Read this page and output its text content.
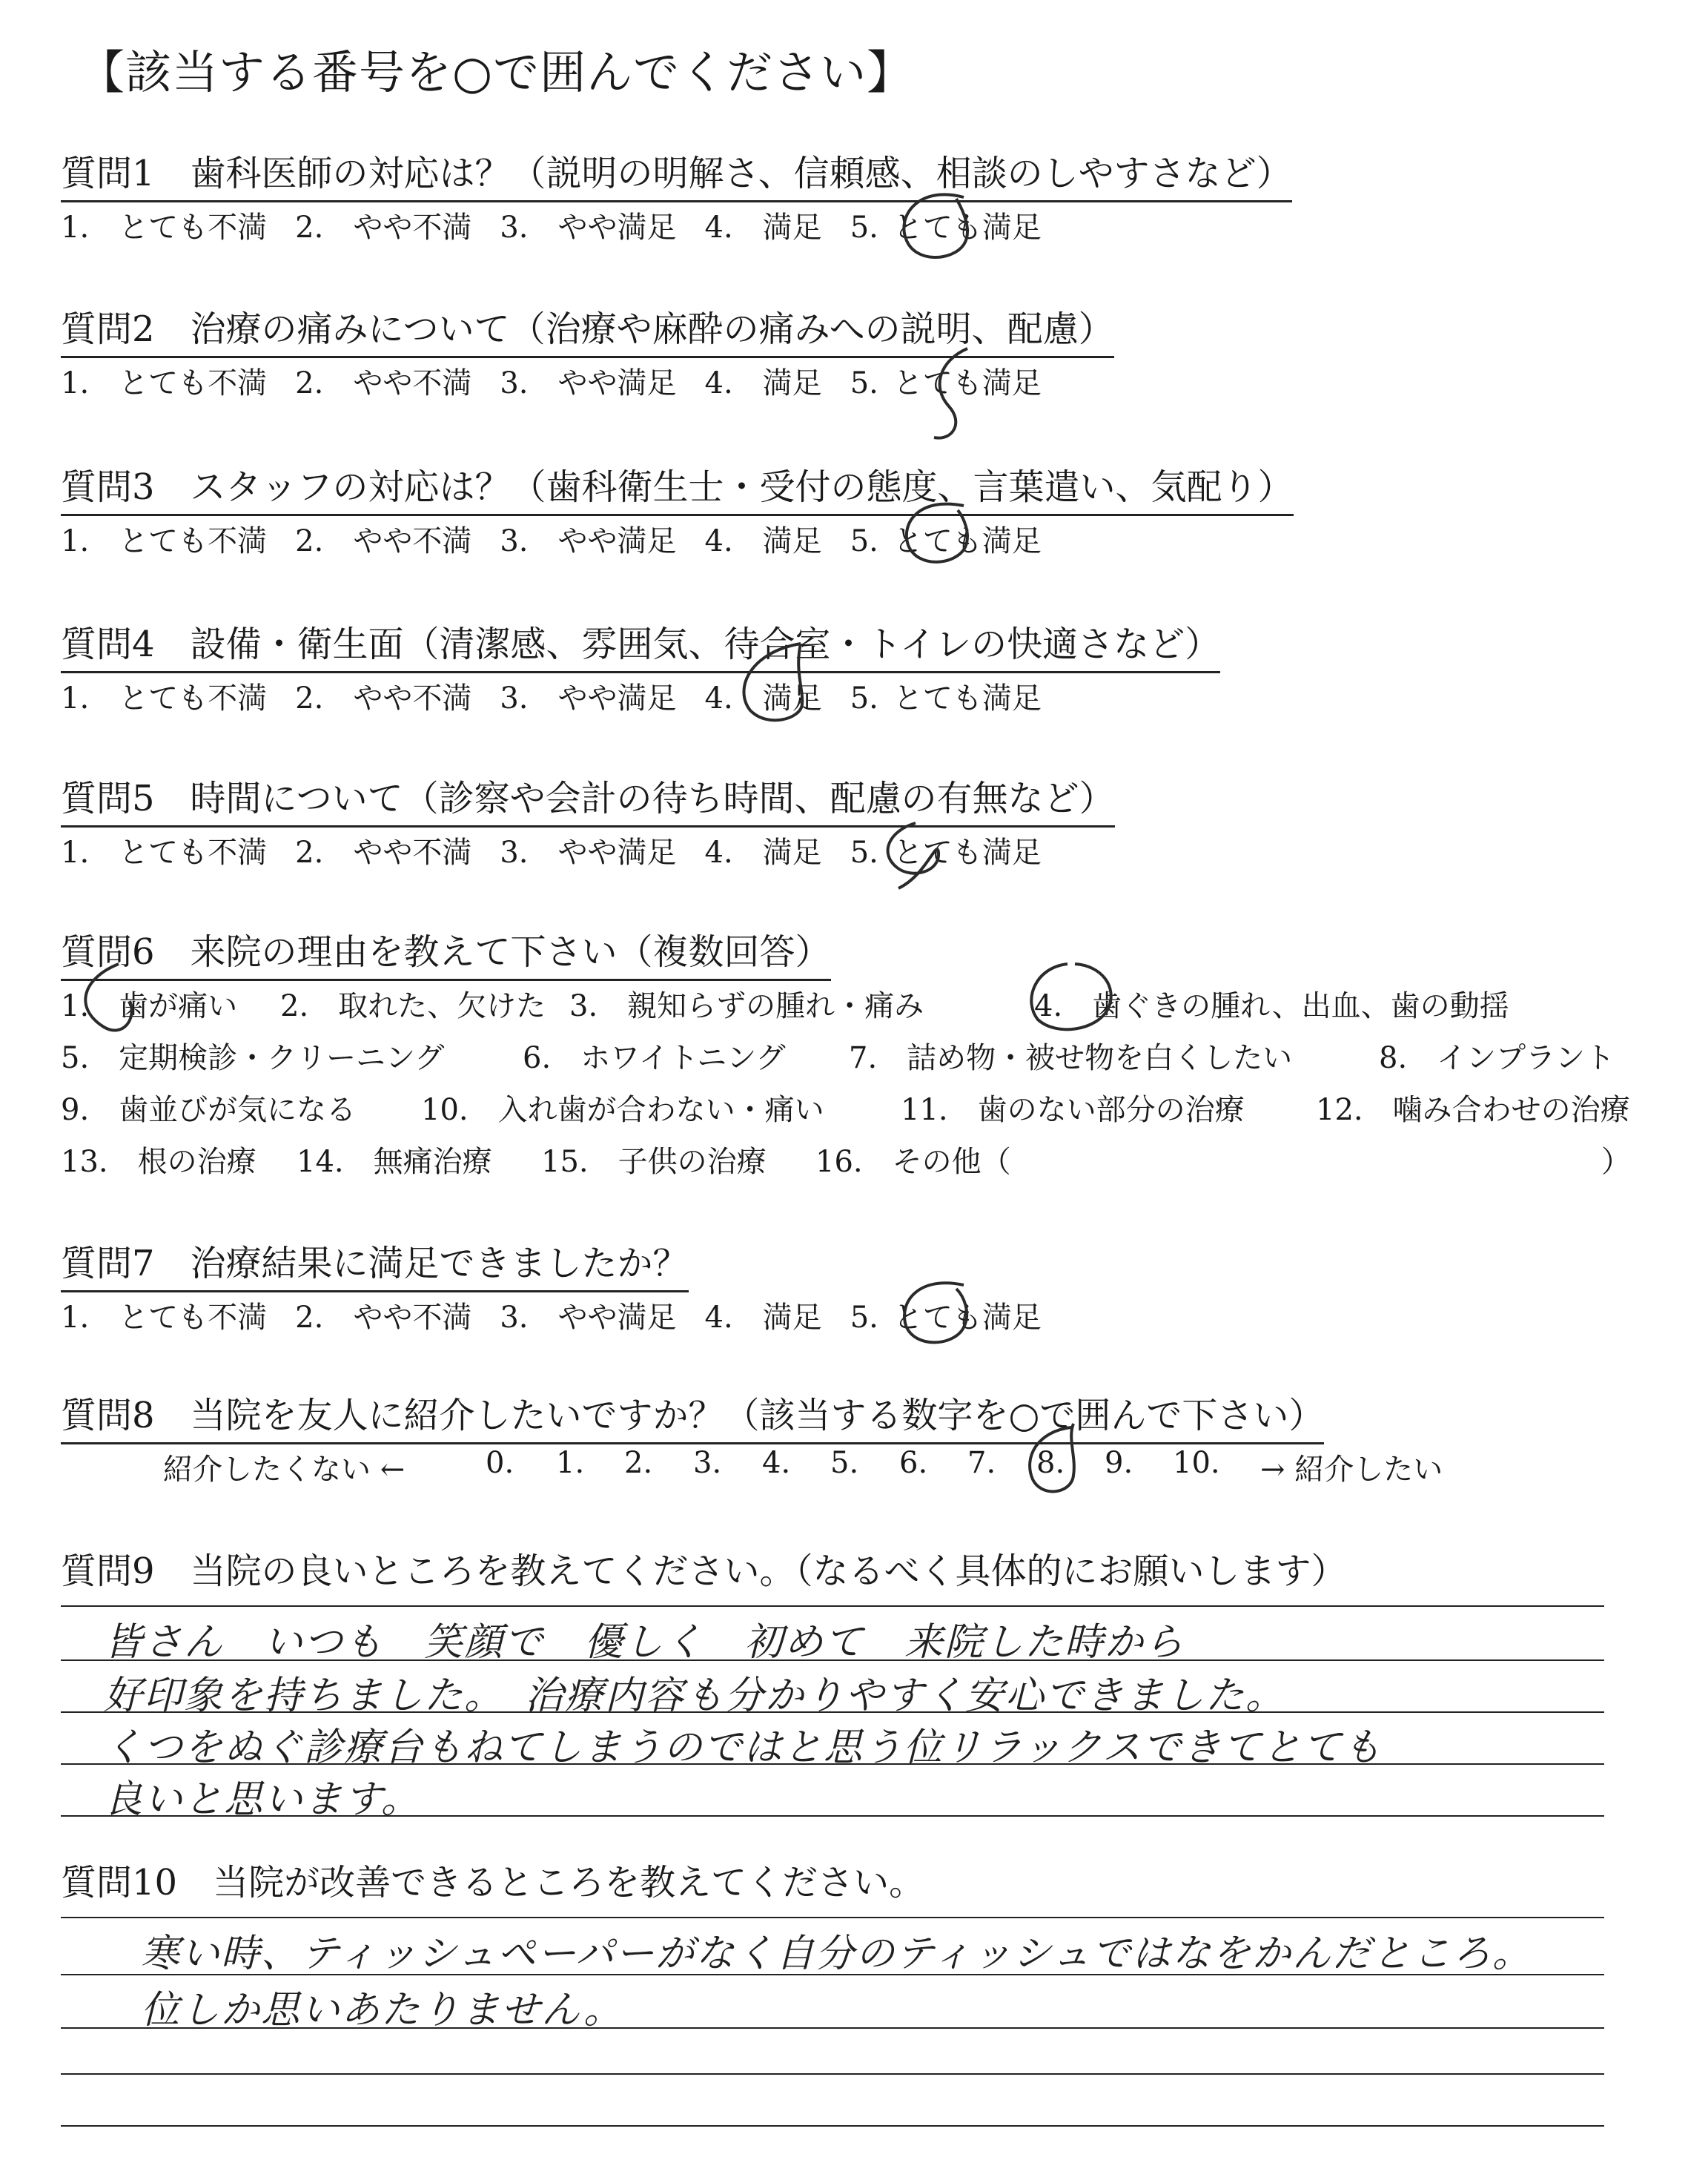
【該当する番号を○で囲んでください】
質問1　歯科医師の対応は？（説明の明解さ、信頼感、相談のしやすさなど）
1.　とても不満 2.　やや不満 3.　やや満足 4.　満足 5. とても満足
質問2　治療の痛みについて（治療や麻酔の痛みへの説明、配慮）
1.　とても不満 2.　やや不満 3.　やや満足 4.　満足 5. とても満足
質問3　スタッフの対応は？（歯科衛生士・受付の態度、言葉遣い、気配り）
1.　とても不満 2.　やや不満 3.　やや満足 4.　満足 5. とても満足
質問4　設備・衛生面（清潔感、雰囲気、待合室・トイレの快適さなど）
1.　とても不満 2.　やや不満 3.　やや満足 4.　満足 5. とても満足
質問5　時間について（診察や会計の待ち時間、配慮の有無など）
1.　とても不満 2.　やや不満 3.　やや満足 4.　満足 5. とても満足
質問6　来院の理由を教えて下さい（複数回答）
1.　歯が痛い 2.　取れた、欠けた 3.　親知らずの腫れ・痛み	4.　歯ぐきの腫れ、出血、歯の動揺
5.　定期検診・クリーニング	6.　ホワイトニング 7.　詰め物・被せ物を白くしたい	8.　インプラント
9.　歯並びが気になる 10.　入れ歯が合わない・痛い	11.　歯のない部分の治療 12.　噛み合わせの治療
13.　根の治療 14.　無痛治療 15.　子供の治療 16.　その他（	）
質問7　治療結果に満足できましたか？
1.　とても不満 2.　やや不満 3.　やや満足 4.　満足 5. とても満足
質問8　当院を友人に紹介したいですか？（該当する数字を○で囲んで下さい）
紹介したくない ←	0. 1. 2. 3. 4. 5. 6. 7. 8. 9. 10. → 紹介したい
質問9　当院の良いところを教えてください。（なるべく具体的にお願いします）
皆さん　いつも　笑顔で　優しく　初めて　来院した時から
好印象を持ちました。　治療内容も分かりやすく安心できました。
くつをぬぐ診療台もねてしまうのではと思う位リラックスできてとても
良いと思います。
質問10　当院が改善できるところを教えてください。
寒い時、ティッシュペーパーがなく自分のティッシュではなをかんだところ。
位しか思いあたりません。
